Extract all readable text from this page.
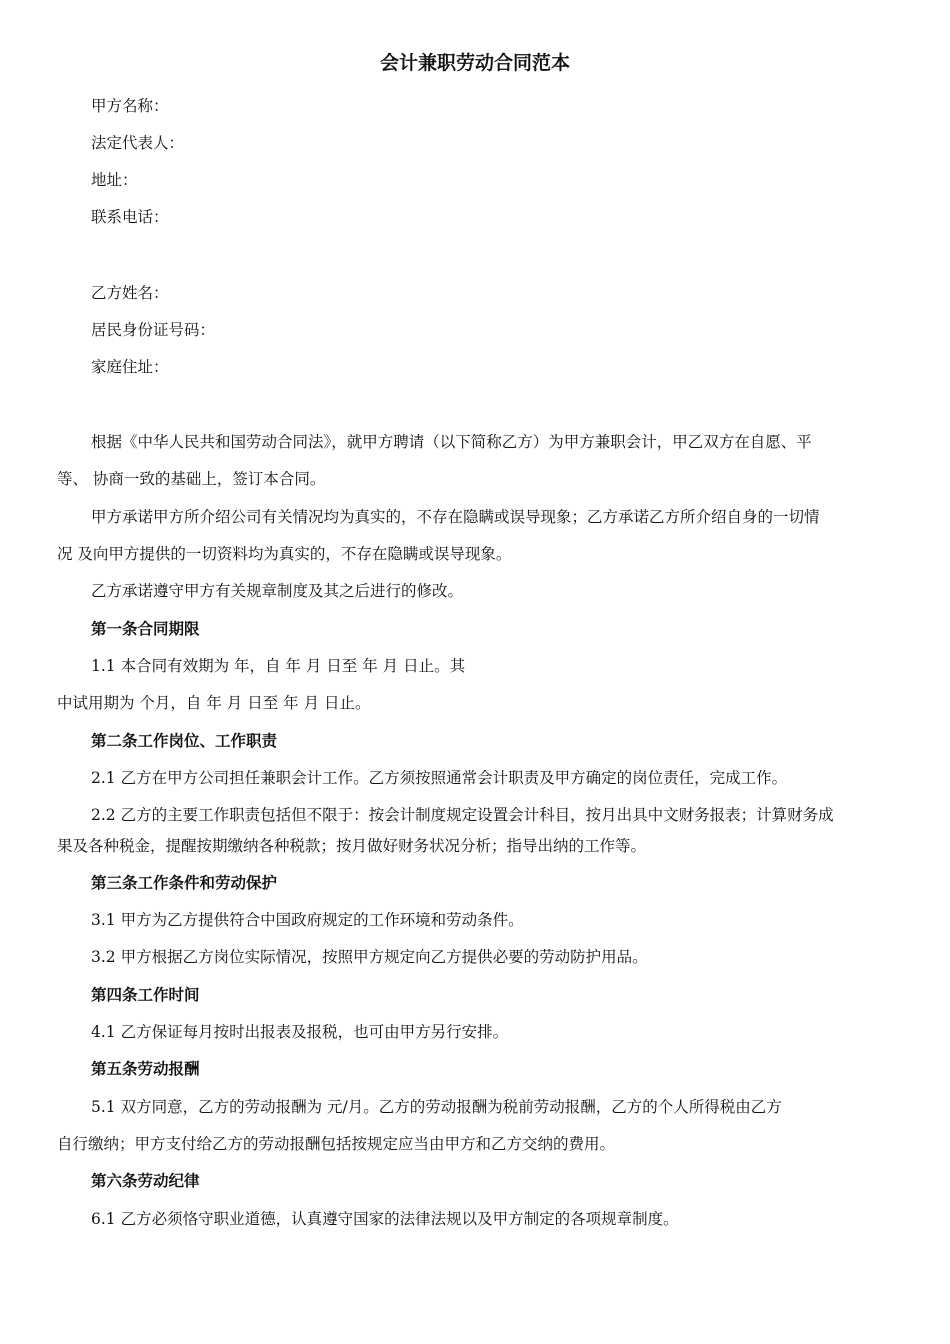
会计兼职劳动合同范本

甲方名称：

法定代表人：

地址：

联系电话：

乙方姓名：

居民身份证号码：

家庭住址：

根据《中华人民共和国劳动合同法》，就甲方聘请（以下简称乙方）为甲方兼职会计，甲乙双方在自愿、平

等、 协商一致的基础上，签订本合同。

甲方承诺甲方所介绍公司有关情况均为真实的，不存在隐瞒或误导现象；乙方承诺乙方所介绍自身的一切情

况 及向甲方提供的一切资料均为真实的，不存在隐瞒或误导现象。

乙方承诺遵守甲方有关规章制度及其之后进行的修改。

第一条合同期限

1.1 本合同有效期为 年，自 年 月 日至 年 月 日止。其

中试用期为 个月，自 年 月 日至 年 月 日止。

第二条工作岗位、工作职责

2.1 乙方在甲方公司担任兼职会计工作。乙方须按照通常会计职责及甲方确定的岗位责任，完成工作。

2.2 乙方的主要工作职责包括但不限于：按会计制度规定设置会计科目，按月出具中文财务报表；计算财务成

果及各种税金，提醒按期缴纳各种税款；按月做好财务状况分析；指导出纳的工作等。

第三条工作条件和劳动保护

3.1 甲方为乙方提供符合中国政府规定的工作环境和劳动条件。

3.2 甲方根据乙方岗位实际情况，按照甲方规定向乙方提供必要的劳动防护用品。

第四条工作时间

4.1 乙方保证每月按时出报表及报税，也可由甲方另行安排。

第五条劳动报酬

5.1 双方同意，乙方的劳动报酬为 元/月。乙方的劳动报酬为税前劳动报酬，乙方的个人所得税由乙方

自行缴纳；甲方支付给乙方的劳动报酬包括按规定应当由甲方和乙方交纳的费用。

第六条劳动纪律

6.1 乙方必须恪守职业道德，认真遵守国家的法律法规以及甲方制定的各项规章制度。
